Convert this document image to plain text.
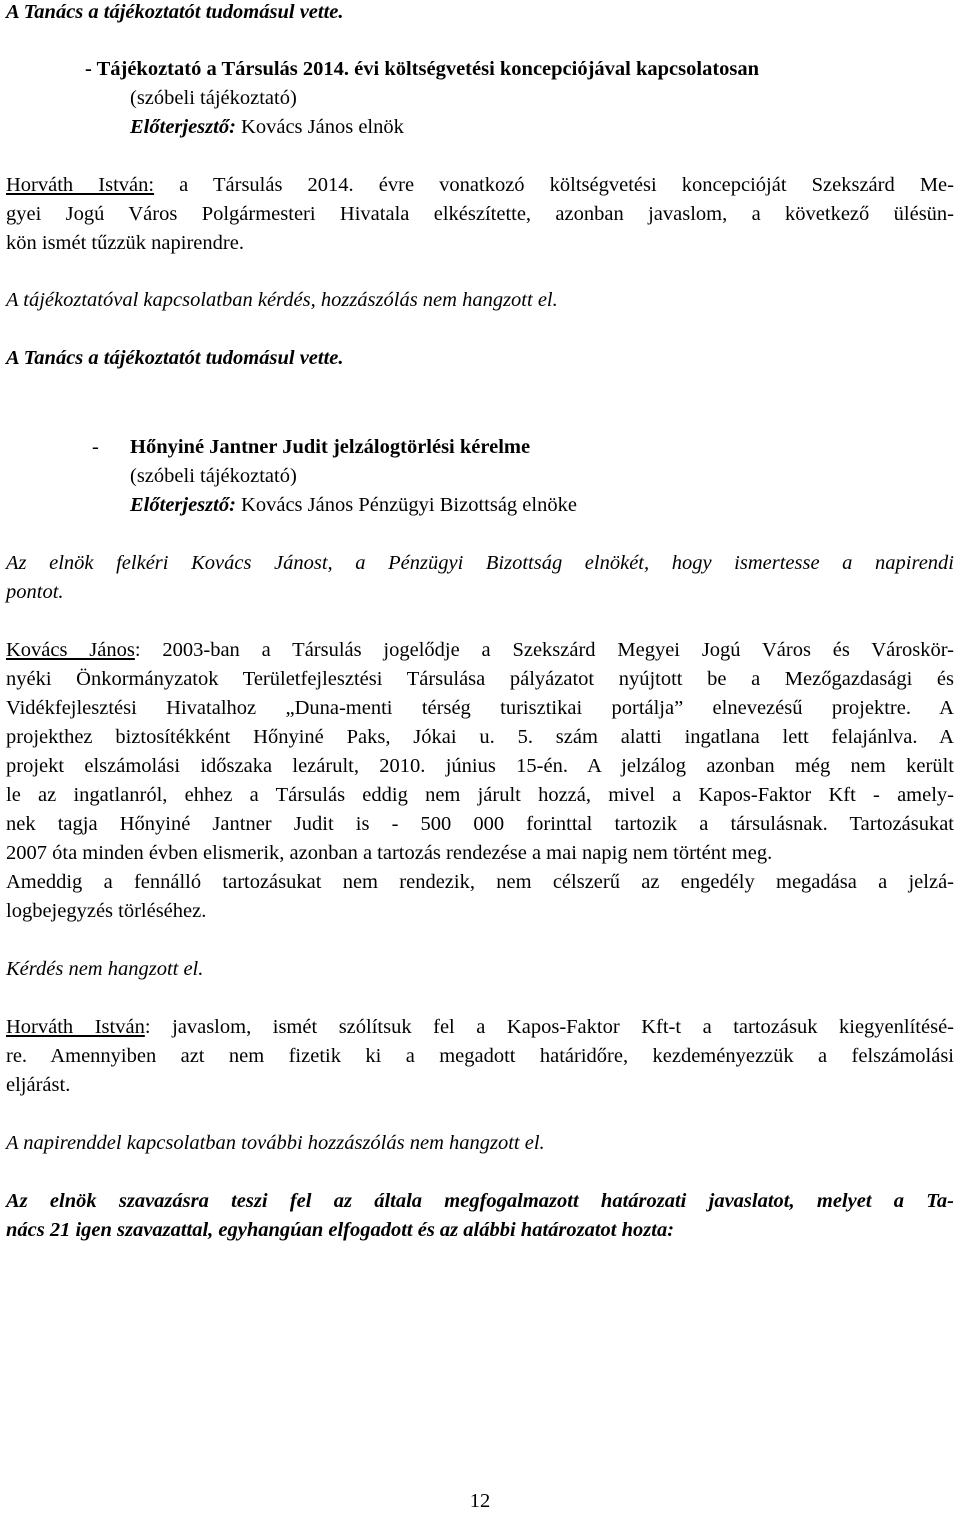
A Tanács a tájékoztatót tudomásul vette.
- Tájékoztató a Társulás 2014. évi költségvetési koncepciójával kapcsolatosan
(szóbeli tájékoztató)
Előterjesztő: Kovács János elnök
Horváth István: a Társulás 2014. évre vonatkozó költségvetési koncepcióját Szekszárd Me-
gyei Jogú Város Polgármesteri Hivatala elkészítette, azonban javaslom, a következő ülésün-
kön ismét tűzzük napirendre.
A tájékoztatóval kapcsolatban kérdés, hozzászólás nem hangzott el.
A Tanács a tájékoztatót tudomásul vette.
- Hőnyiné Jantner Judit jelzálogtörlési kérelme
(szóbeli tájékoztató)
Előterjesztő: Kovács János Pénzügyi Bizottság elnöke
Az elnök felkéri Kovács Jánost, a Pénzügyi Bizottság elnökét, hogy ismertesse a napirendi
pontot.
Kovács János: 2003-ban a Társulás jogelődje a Szekszárd Megyei Jogú Város és Városkör-
nyéki Önkormányzatok Területfejlesztési Társulása pályázatot nyújtott be a Mezőgazdasági és
Vidékfejlesztési Hivatalhoz „Duna-menti térség turisztikai portálja” elnevezésű projektre. A
projekthez biztosítékként Hőnyiné Paks, Jókai u. 5. szám alatti ingatlana lett felajánlva. A
projekt elszámolási időszaka lezárult, 2010. június 15-én. A jelzálog azonban még nem került
le az ingatlanról, ehhez a Társulás eddig nem járult hozzá, mivel a Kapos-Faktor Kft - amely-
nek tagja Hőnyiné Jantner Judit is - 500 000 forinttal tartozik a társulásnak. Tartozásukat
2007 óta minden évben elismerik, azonban a tartozás rendezése a mai napig nem történt meg.
Ameddig a fennálló tartozásukat nem rendezik, nem célszerű az engedély megadása a jelzá-
logbejegyzés törléséhez.
Kérdés nem hangzott el.
Horváth István: javaslom, ismét szólítsuk fel a Kapos-Faktor Kft-t a tartozásuk kiegyenlítésé-
re. Amennyiben azt nem fizetik ki a megadott határidőre, kezdeményezzük a felszámolási
eljárást.
A napirenddel kapcsolatban további hozzászólás nem hangzott el.
Az elnök szavazásra teszi fel az általa megfogalmazott határozati javaslatot, melyet a Ta-
nács 21 igen szavazattal, egyhangúan elfogadott és az alábbi határozatot hozta:
12
